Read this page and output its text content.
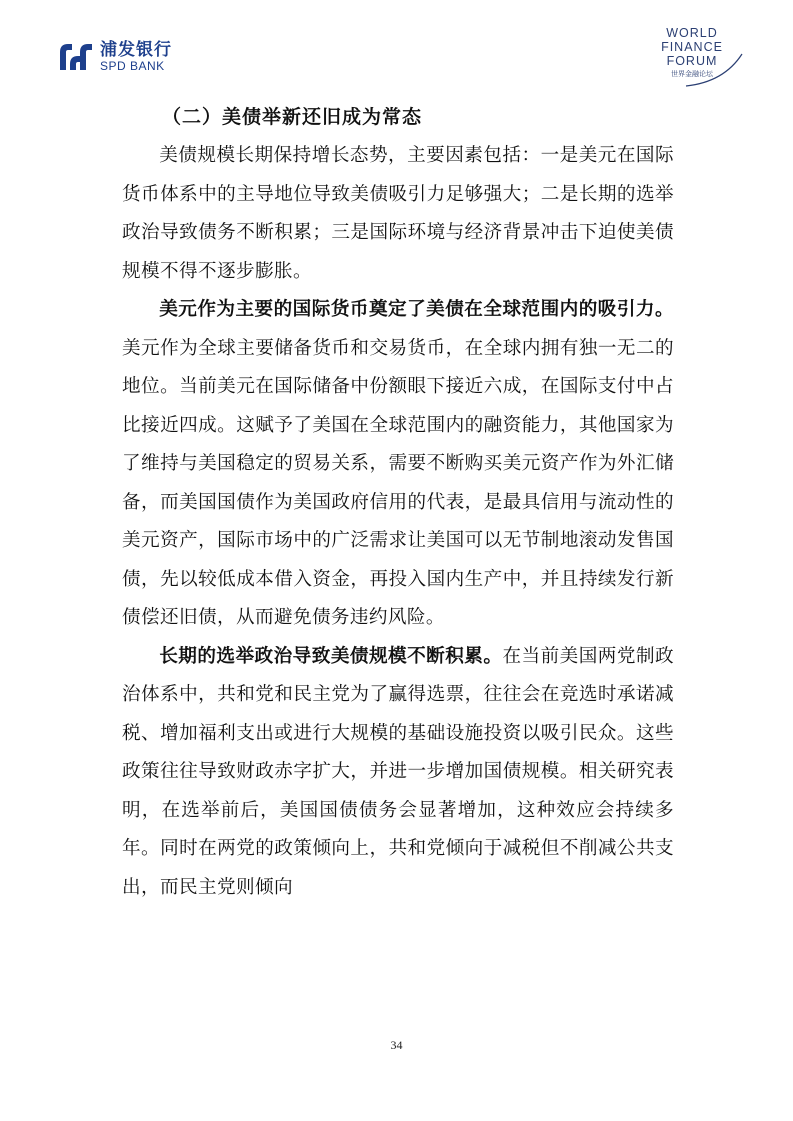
浦发银行
SPD BANK
WORLD
FINANCE
FORUM
世界金融论坛
（二）美债举新还旧成为常态

美债规模长期保持增长态势，主要因素包括：一是美元在国际货币体系中的主导地位导致美债吸引力足够强大；二是长期的选举政治导致债务不断积累；三是国际环境与经济背景冲击下迫使美债规模不得不逐步膨胀。

美元作为主要的国际货币奠定了美债在全球范围内的吸引力。美元作为全球主要储备货币和交易货币，在全球内拥有独一无二的地位。当前美元在国际储备中份额眼下接近六成，在国际支付中占比接近四成。这赋予了美国在全球范围内的融资能力，其他国家为了维持与美国稳定的贸易关系，需要不断购买美元资产作为外汇储备，而美国国债作为美国政府信用的代表，是最具信用与流动性的美元资产，国际市场中的广泛需求让美国可以无节制地滚动发售国债，先以较低成本借入资金，再投入国内生产中，并且持续发行新债偿还旧债，从而避免债务违约风险。

长期的选举政治导致美债规模不断积累。在当前美国两党制政治体系中，共和党和民主党为了赢得选票，往往会在竞选时承诺减税、增加福利支出或进行大规模的基础设施投资以吸引民众。这些政策往往导致财政赤字扩大，并进一步增加国债规模。相关研究表明，在选举前后，美国国债债务会显著增加，这种效应会持续多年。同时在两党的政策倾向上，共和党倾向于减税但不削减公共支出，而民主党则倾向

34
